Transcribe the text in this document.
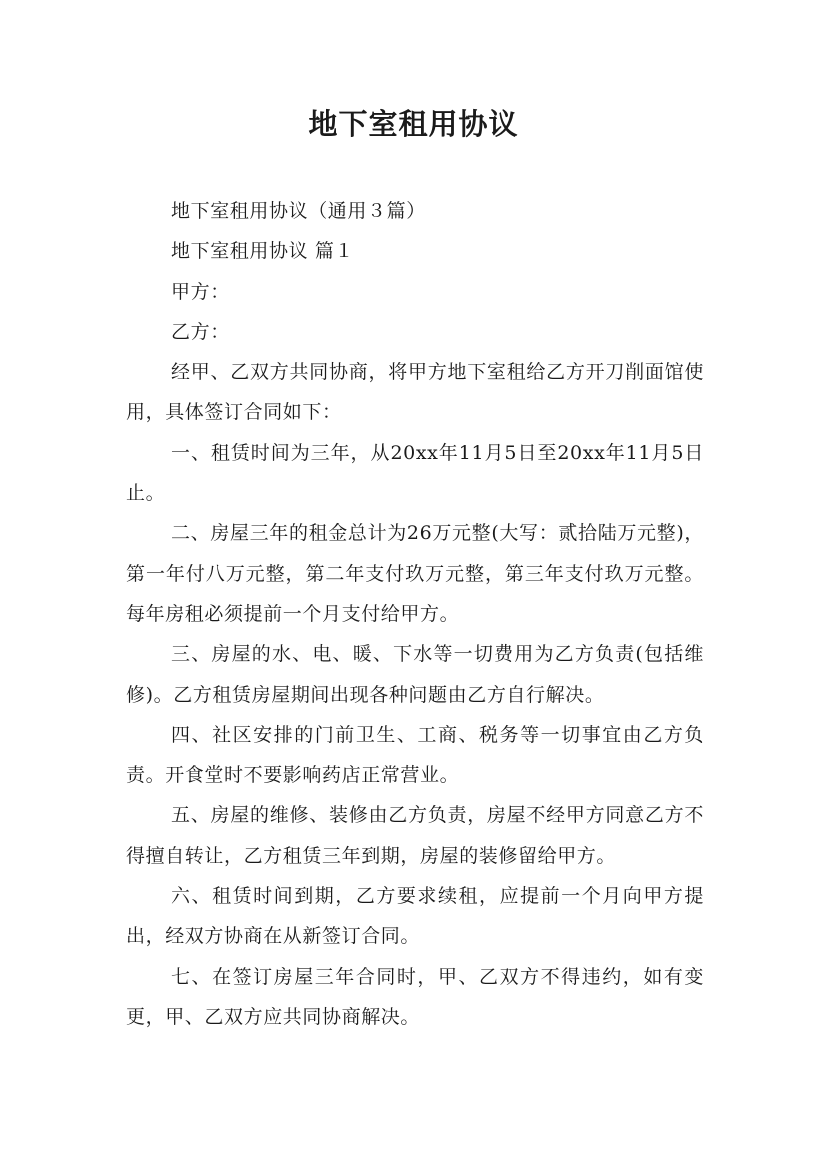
地下室租用协议

地下室租用协议（通用３篇）

地下室租用协议 篇１

甲方：

乙方：

经甲、乙双方共同协商，将甲方地下室租给乙方开刀削面馆使用，具体签订合同如下：

一、租赁时间为三年，从20xx年11月5日至20xx年11月5日止。

二、房屋三年的租金总计为26万元整(大写：贰拾陆万元整)，第一年付八万元整，第二年支付玖万元整，第三年支付玖万元整。每年房租必须提前一个月支付给甲方。

三、房屋的水、电、暖、下水等一切费用为乙方负责(包括维修)。乙方租赁房屋期间出现各种问题由乙方自行解决。

四、社区安排的门前卫生、工商、税务等一切事宜由乙方负责。开食堂时不要影响药店正常营业。

五、房屋的维修、装修由乙方负责，房屋不经甲方同意乙方不得擅自转让，乙方租赁三年到期，房屋的装修留给甲方。

六、租赁时间到期，乙方要求续租，应提前一个月向甲方提出，经双方协商在从新签订合同。

七、在签订房屋三年合同时，甲、乙双方不得违约，如有变更，甲、乙双方应共同协商解决。
